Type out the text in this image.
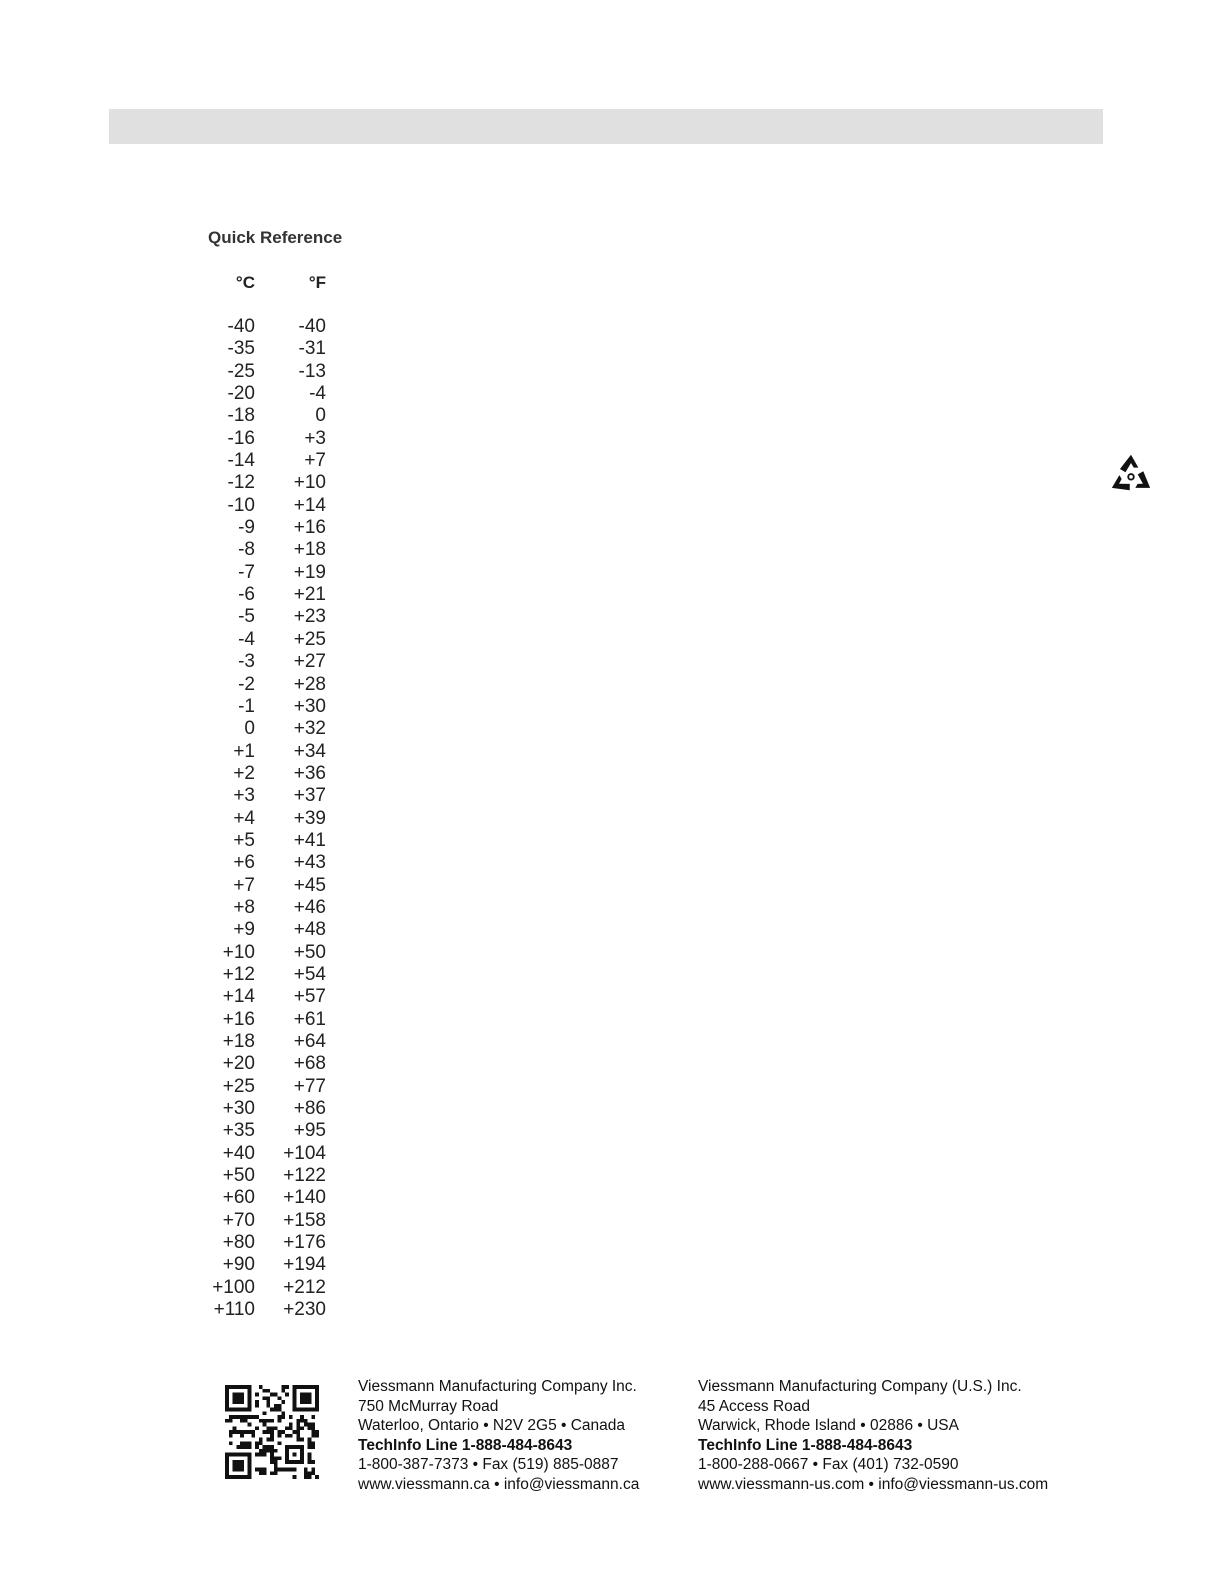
Quick Reference
°C	°F
-40	-40
-35	-31
-25	-13
-20	-4
-18	0
-16	+3
-14	+7
-12	+10
-10	+14
-9	+16
-8	+18
-7	+19
-6	+21
-5	+23
-4	+25
-3	+27
-2	+28
-1	+30
0	+32
+1	+34
+2	+36
+3	+37
+4	+39
+5	+41
+6	+43
+7	+45
+8	+46
+9	+48
+10	+50
+12	+54
+14	+57
+16	+61
+18	+64
+20	+68
+25	+77
+30	+86
+35	+95
+40	+104
+50	+122
+60	+140
+70	+158
+80	+176
+90	+194
+100	+212
+110	+230
Viessmann Manufacturing Company Inc.
750 McMurray Road
Waterloo, Ontario • N2V 2G5 • Canada
TechInfo Line 1-888-484-8643
1-800-387-7373 • Fax (519) 885-0887
www.viessmann.ca • info@viessmann.ca
Viessmann Manufacturing Company (U.S.) Inc.
45 Access Road
Warwick, Rhode Island • 02886 • USA
TechInfo Line 1-888-484-8643
1-800-288-0667 • Fax (401) 732-0590
www.viessmann-us.com • info@viessmann-us.com
